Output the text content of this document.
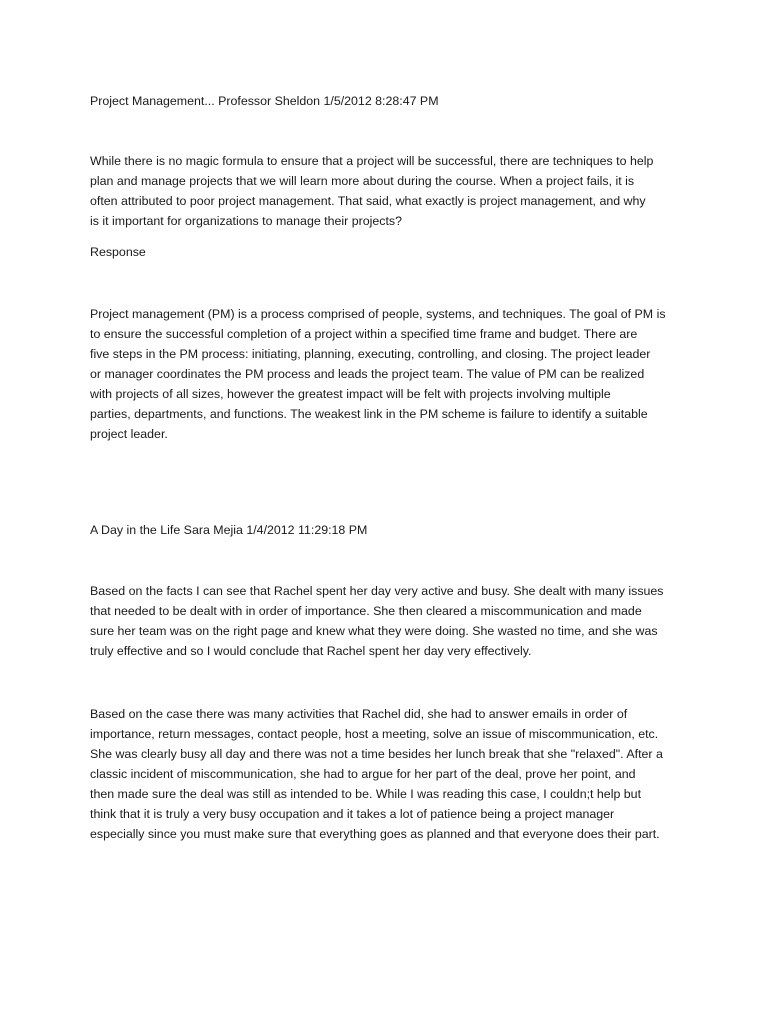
Project Management... Professor Sheldon 1/5/2012 8:28:47 PM

While there is no magic formula to ensure that a project will be successful, there are techniques to help
plan and manage projects that we will learn more about during the course. When a project fails, it is
often attributed to poor project management. That said, what exactly is project management, and why
is it important for organizations to manage their projects?

Response

Project management (PM) is a process comprised of people, systems, and techniques. The goal of PM is
to ensure the successful completion of a project within a specified time frame and budget. There are
five steps in the PM process: initiating, planning, executing, controlling, and closing. The project leader
or manager coordinates the PM process and leads the project team. The value of PM can be realized
with projects of all sizes, however the greatest impact will be felt with projects involving multiple
parties, departments, and functions. The weakest link in the PM scheme is failure to identify a suitable
project leader.

A Day in the Life Sara Mejia 1/4/2012 11:29:18 PM

Based on the facts I can see that Rachel spent her day very active and busy. She dealt with many issues
that needed to be dealt with in order of importance. She then cleared a miscommunication and made
sure her team was on the right page and knew what they were doing. She wasted no time, and she was
truly effective and so I would conclude that Rachel spent her day very effectively.

Based on the case there was many activities that Rachel did, she had to answer emails in order of
importance, return messages, contact people, host a meeting, solve an issue of miscommunication, etc.
She was clearly busy all day and there was not a time besides her lunch break that she "relaxed". After a
classic incident of miscommunication, she had to argue for her part of the deal, prove her point, and
then made sure the deal was still as intended to be. While I was reading this case, I couldn;t help but
think that it is truly a very busy occupation and it takes a lot of patience being a project manager
especially since you must make sure that everything goes as planned and that everyone does their part.
